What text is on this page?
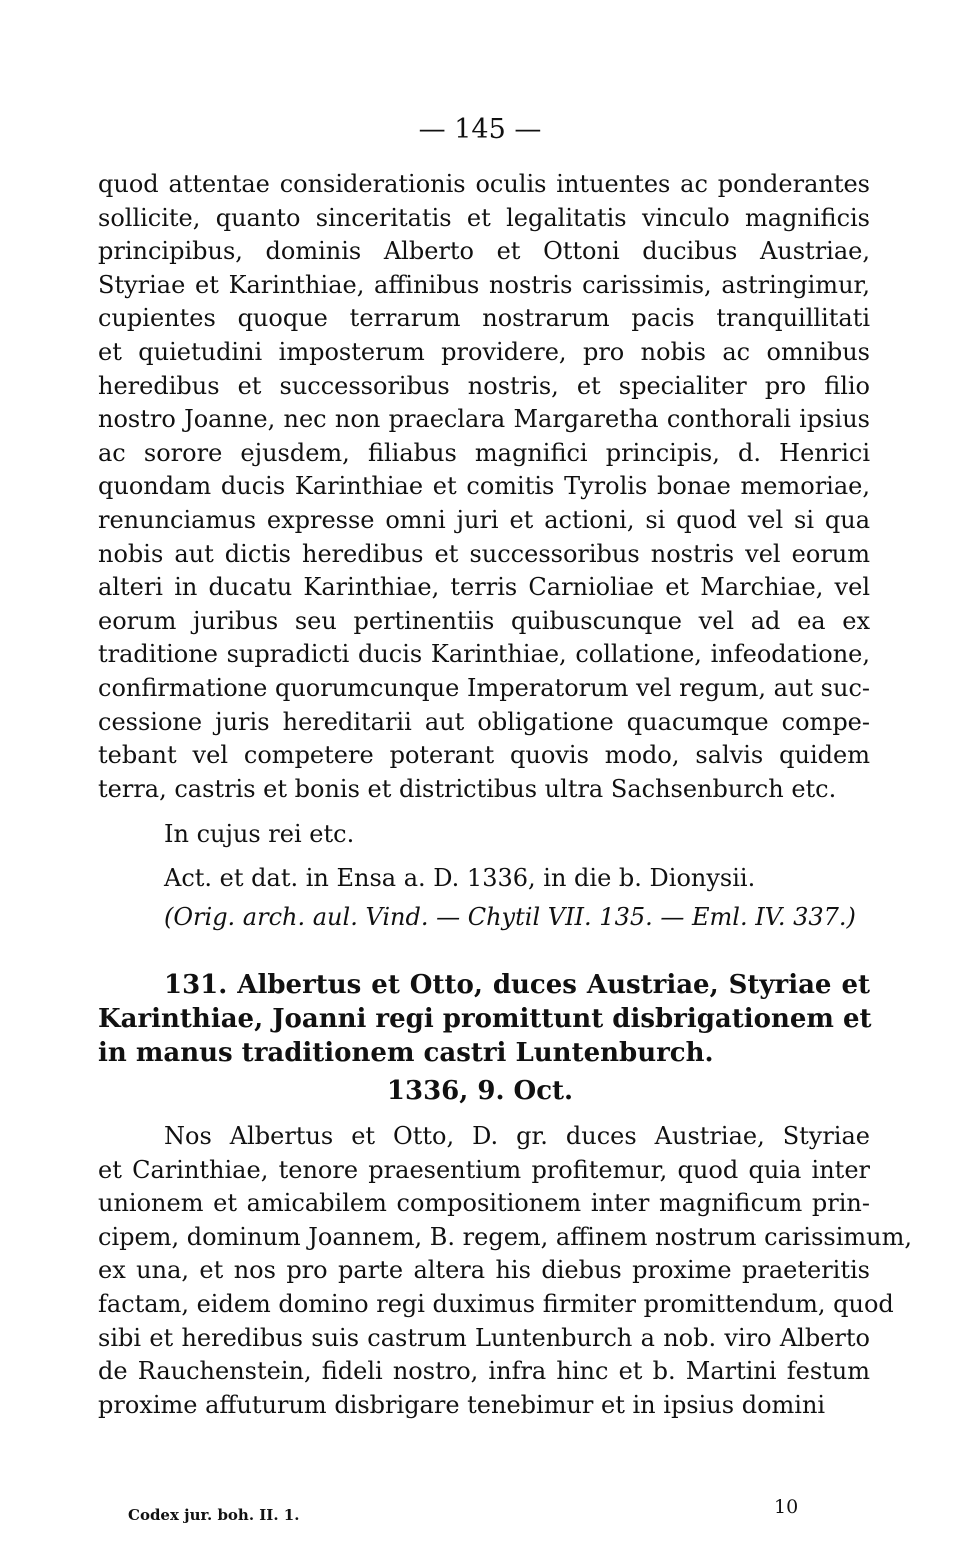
— 145 —
quod attentae considerationis oculis intuentes ac ponderantes
sollicite, quanto sinceritatis et legalitatis vinculo magnificis
principibus, dominis Alberto et Ottoni ducibus Austriae,
Styriae et Karinthiae, affinibus nostris carissimis, astringimur,
cupientes quoque terrarum nostrarum pacis tranquillitati
et quietudini imposterum providere, pro nobis ac omnibus
heredibus et successoribus nostris, et specialiter pro filio
nostro Joanne, nec non praeclara Margaretha conthorali ipsius
ac sorore ejusdem, filiabus magnifici principis, d. Henrici
quondam ducis Karinthiae et comitis Tyrolis bonae memoriae,
renunciamus expresse omni juri et actioni, si quod vel si qua
nobis aut dictis heredibus et successoribus nostris vel eorum
alteri in ducatu Karinthiae, terris Carnioliae et Marchiae, vel
eorum juribus seu pertinentiis quibuscunque vel ad ea ex
traditione supradicti ducis Karinthiae, collatione, infeodatione,
confirmatione quorumcunque Imperatorum vel regum, aut suc-
cessione juris hereditarii aut obligatione quacumque compe-
tebant vel competere poterant quovis modo, salvis quidem
terra, castris et bonis et districtibus ultra Sachsenburch etc.
In cujus rei etc.
Act. et dat. in Ensa a. D. 1336, in die b. Dionysii.
(Orig. arch. aul. Vind. — Chytil VII. 135. — Eml. IV. 337.)
131. Albertus et Otto, duces Austriae, Styriae et
Karinthiae, Joanni regi promittunt disbrigationem et
in manus traditionem castri Luntenburch.
1336, 9. Oct.
Nos Albertus et Otto, D. gr. duces Austriae, Styriae
et Carinthiae, tenore praesentium profitemur, quod quia inter
unionem et amicabilem compositionem inter magnificum prin-
cipem, dominum Joannem, B. regem, affinem nostrum carissimum,
ex una, et nos pro parte altera his diebus proxime praeteritis
factam, eidem domino regi duximus firmiter promittendum, quod
sibi et heredibus suis castrum Luntenburch a nob. viro Alberto
de Rauchenstein, fideli nostro, infra hinc et b. Martini festum
proxime affuturum disbrigare tenebimur et in ipsius domini
Codex jur. boh. II. 1.	10
